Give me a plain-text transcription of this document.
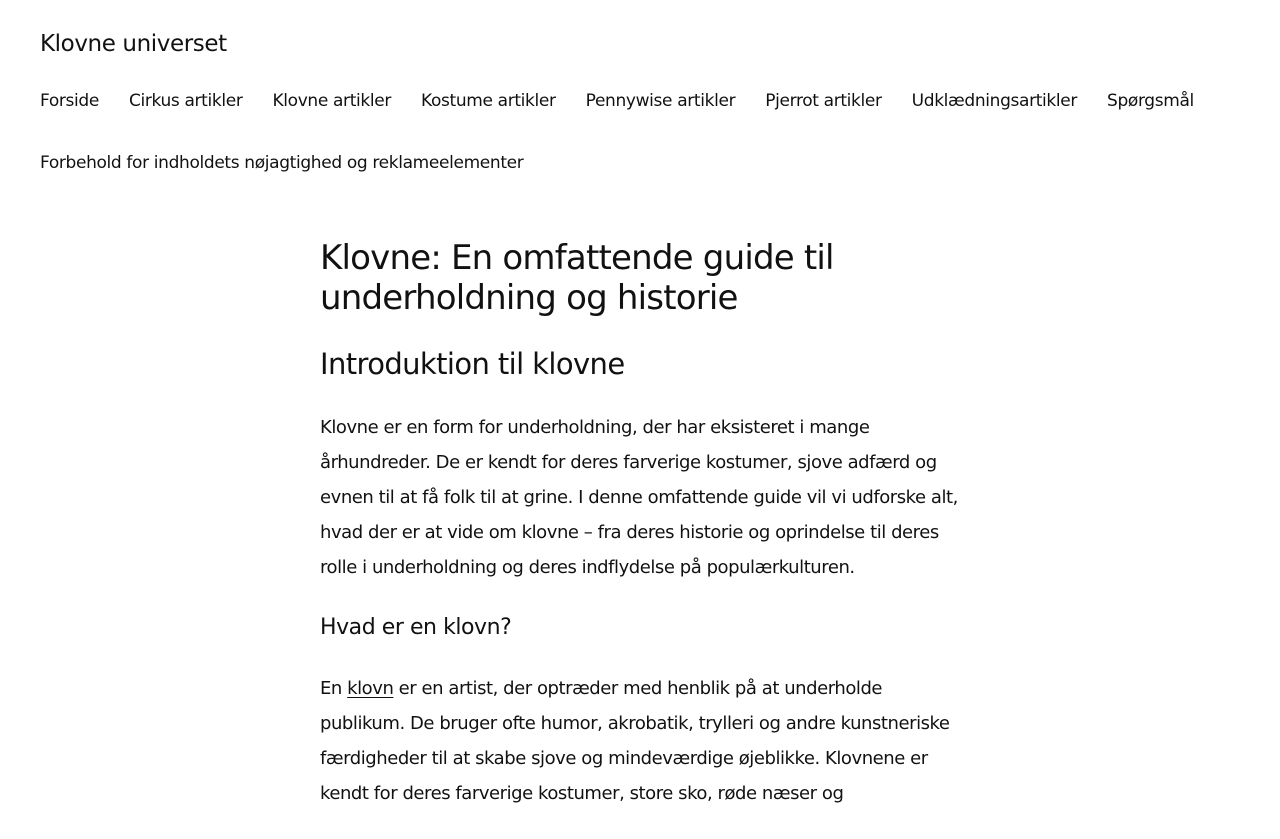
Klovne universet
Forside Cirkus artikler Klovne artikler Kostume artikler Pennywise artikler Pjerrot artikler Udklædningsartikler Spørgsmål
Forbehold for indholdets nøjagtighed og reklameelementer
Klovne: En omfattende guide til underholdning og historie
Introduktion til klovne

Klovne er en form for underholdning, der har eksisteret i mange århundreder. De er kendt for deres farverige kostumer, sjove adfærd og evnen til at få folk til at grine. I denne omfattende guide vil vi udforske alt, hvad der er at vide om klovne – fra deres historie og oprindelse til deres rolle i underholdning og deres indflydelse på populærkulturen.

Hvad er en klovn?

En klovn er en artist, der optræder med henblik på at underholde publikum. De bruger ofte humor, akrobatik, trylleri og andre kunstneriske færdigheder til at skabe sjove og mindeværdige øjeblikke. Klovnene er kendt for deres farverige kostumer, store sko, røde næser og
